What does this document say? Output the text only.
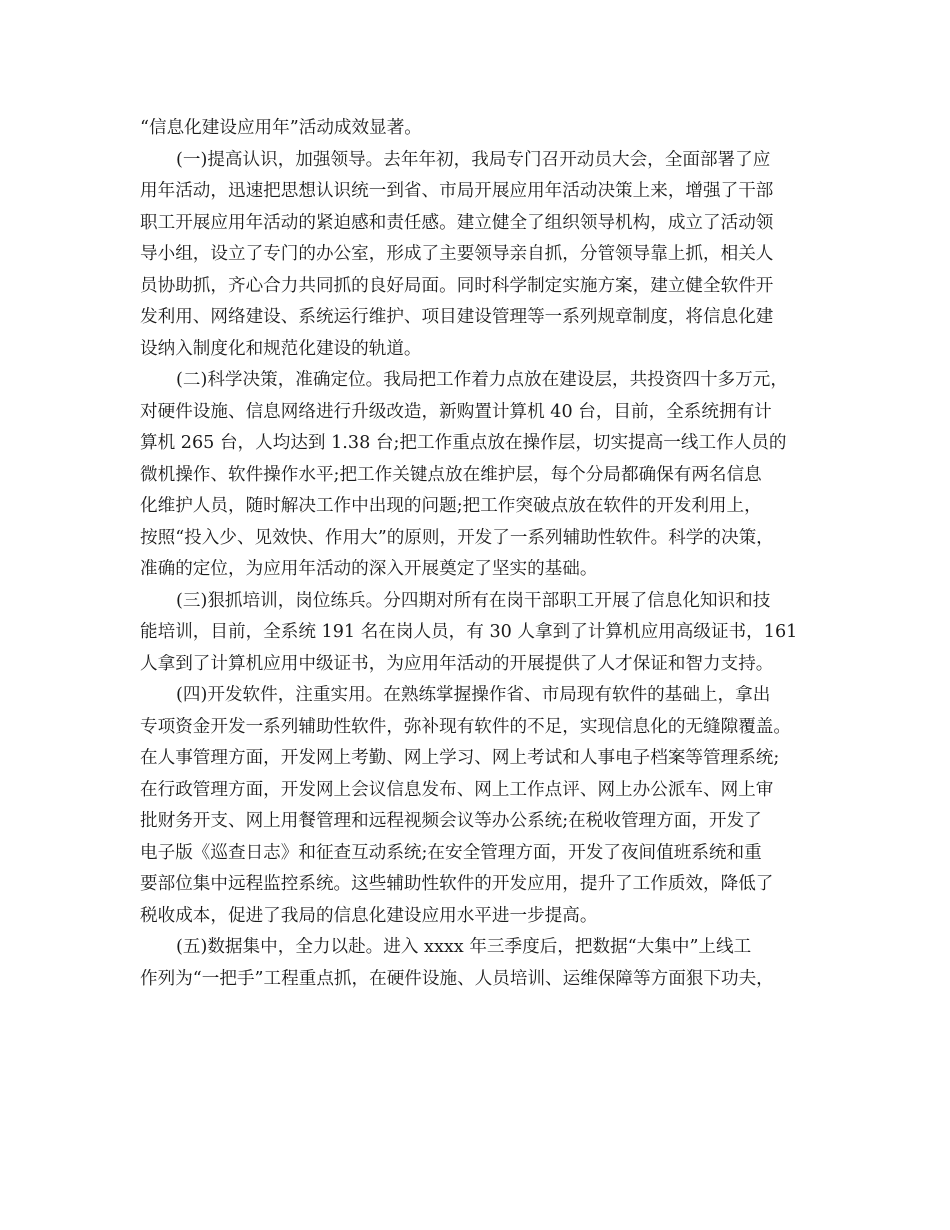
“信息化建设应用年”活动成效显著。
(一)提高认识，加强领导。去年年初，我局专门召开动员大会，全面部署了应
用年活动，迅速把思想认识统一到省、市局开展应用年活动决策上来，增强了干部
职工开展应用年活动的紧迫感和责任感。建立健全了组织领导机构，成立了活动领
导小组，设立了专门的办公室，形成了主要领导亲自抓，分管领导靠上抓，相关人
员协助抓，齐心合力共同抓的良好局面。同时科学制定实施方案，建立健全软件开
发利用、网络建设、系统运行维护、项目建设管理等一系列规章制度，将信息化建
设纳入制度化和规范化建设的轨道。
(二)科学决策，准确定位。我局把工作着力点放在建设层，共投资四十多万元，
对硬件设施、信息网络进行升级改造，新购置计算机 40 台，目前，全系统拥有计
算机 265 台，人均达到 1.38 台;把工作重点放在操作层，切实提高一线工作人员的
微机操作、软件操作水平;把工作关键点放在维护层，每个分局都确保有两名信息
化维护人员，随时解决工作中出现的问题;把工作突破点放在软件的开发利用上，
按照“投入少、见效快、作用大”的原则，开发了一系列辅助性软件。科学的决策，
准确的定位，为应用年活动的深入开展奠定了坚实的基础。
(三)狠抓培训，岗位练兵。分四期对所有在岗干部职工开展了信息化知识和技
能培训，目前，全系统 191 名在岗人员，有 30 人拿到了计算机应用高级证书，161
人拿到了计算机应用中级证书，为应用年活动的开展提供了人才保证和智力支持。
(四)开发软件，注重实用。在熟练掌握操作省、市局现有软件的基础上，拿出
专项资金开发一系列辅助性软件，弥补现有软件的不足，实现信息化的无缝隙覆盖。
在人事管理方面，开发网上考勤、网上学习、网上考试和人事电子档案等管理系统;
在行政管理方面，开发网上会议信息发布、网上工作点评、网上办公派车、网上审
批财务开支、网上用餐管理和远程视频会议等办公系统;在税收管理方面，开发了
电子版《巡查日志》和征查互动系统;在安全管理方面，开发了夜间值班系统和重
要部位集中远程监控系统。这些辅助性软件的开发应用，提升了工作质效，降低了
税收成本，促进了我局的信息化建设应用水平进一步提高。
(五)数据集中，全力以赴。进入 xxxx 年三季度后，把数据“大集中”上线工
作列为“一把手”工程重点抓，在硬件设施、人员培训、运维保障等方面狠下功夫，
